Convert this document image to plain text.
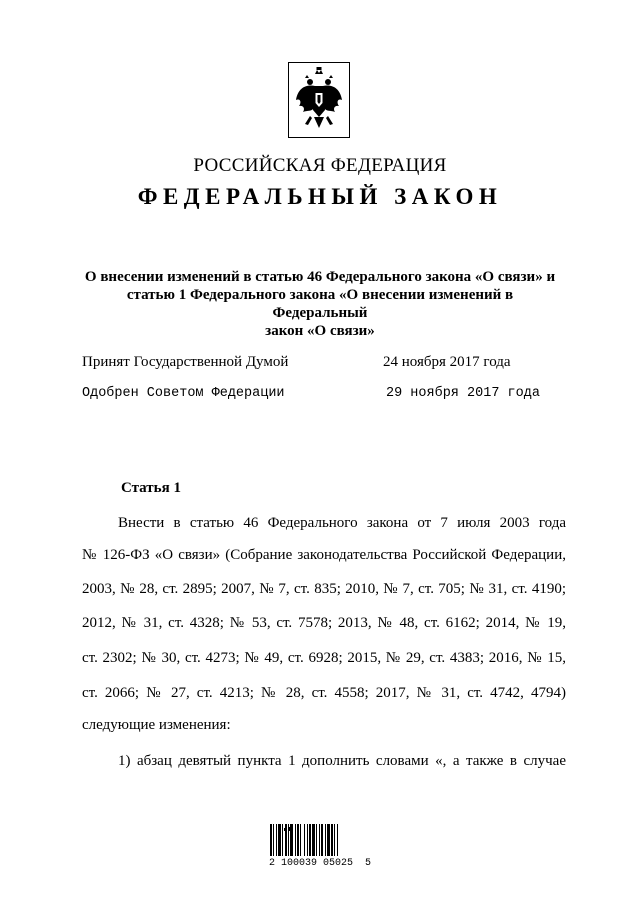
РОССИЙСКАЯ ФЕДЕРАЦИЯ
ФЕДЕРАЛЬНЫЙ ЗАКОН
О внесении изменений в статью 46 Федерального закона «О связи» и
статью 1 Федерального закона «О внесении изменений в Федеральный
закон «О связи»
Принят Государственной Думой	24 ноября 2017 года
Одобрен Советом Федерации	29 ноября 2017 года
Статья 1
Внести в статью 46 Федерального закона от 7 июля 2003 года
№ 126-ФЗ «О связи» (Собрание законодательства Российской Федерации,
2003, № 28, ст. 2895; 2007, № 7, ст. 835; 2010, № 7, ст. 705; № 31, ст. 4190;
2012, № 31, ст. 4328; № 53, ст. 7578; 2013, № 48, ст. 6162; 2014, № 19,
ст. 2302; № 30, ст. 4273; № 49, ст. 6928; 2015, № 29, ст. 4383; 2016, № 15,
ст. 2066; № 27, ст. 4213; № 28, ст. 4558; 2017, № 31, ст. 4742, 4794)
следующие изменения:
1) абзац девятый пункта 1 дополнить словами «, а также в случае
2 100039 05025  5
